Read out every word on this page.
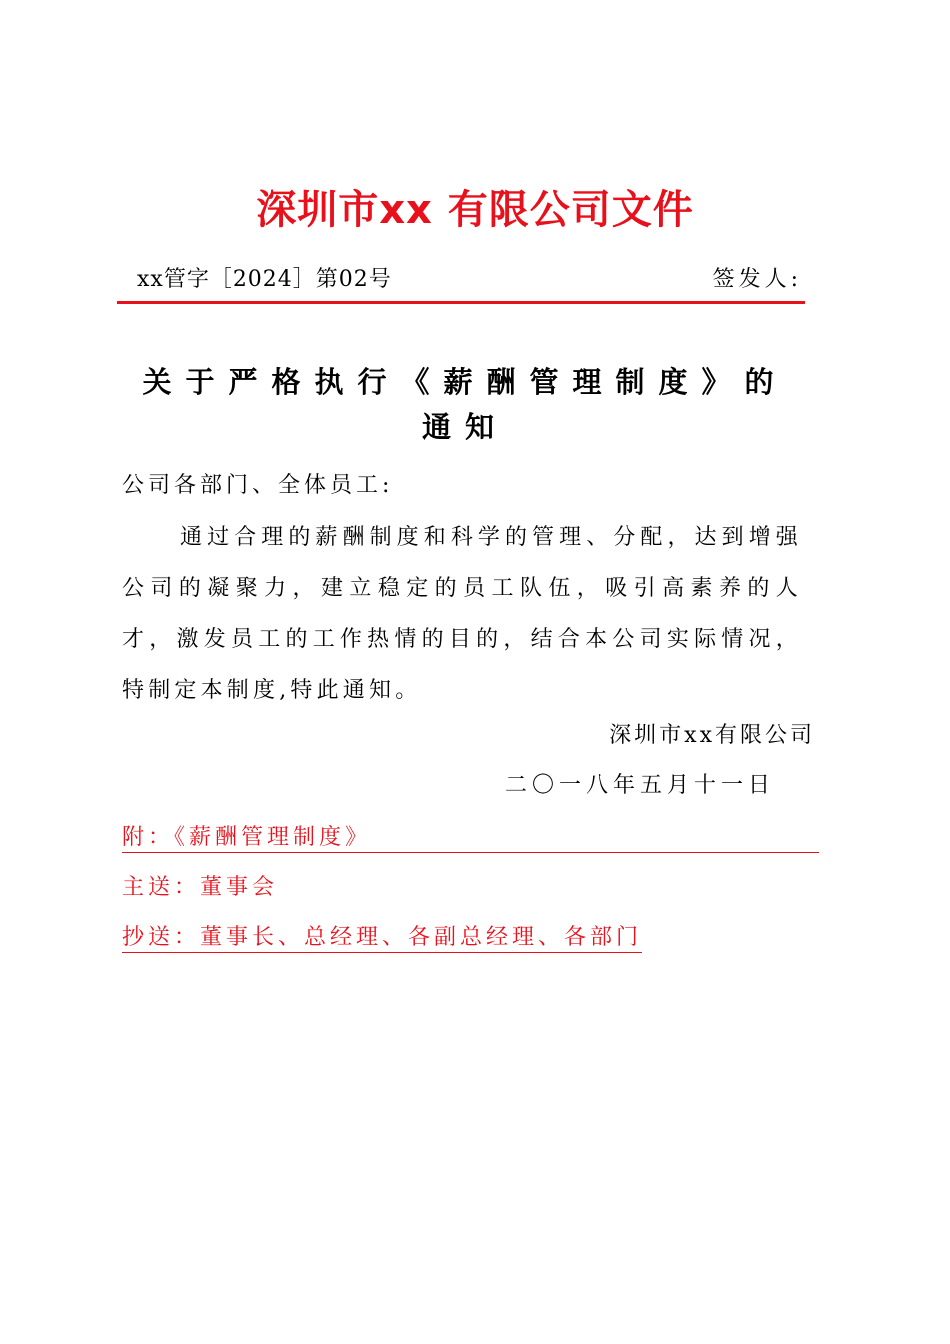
深圳市xx 有限公司文件
xx管字［2024］第02号	签发人:
关于严格执行《薪酬管理制度》的
通知
公司各部门、全体员工:
通过合理的薪酬制度和科学的管理、分配，达到增强公司的凝聚力，建立稳定的员工队伍，吸引高素养的人才，激发员工的工作热情的目的，结合本公司实际情况，特制定本制度,特此通知。
深圳市xx有限公司
二〇一八年五月十一日
附：《薪酬管理制度》
主送：董事会
抄送：董事长、总经理、各副总经理、各部门
